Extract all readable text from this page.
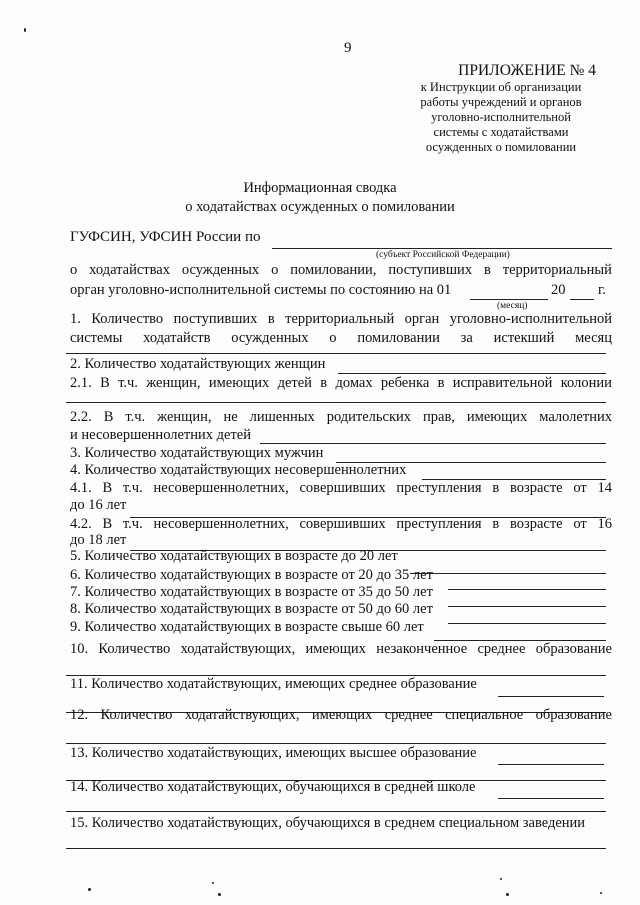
9
ПРИЛОЖЕНИЕ № 4
к Инструкции об организации
работы учреждений и органов
уголовно-исполнительной
системы с ходатайствами
осужденных о помиловании
Информационная сводка
о ходатайствах осужденных о помиловании
ГУФСИН, УФСИН России по
(субъект Российской Федерации)
о ходатайствах осужденных о помиловании, поступивших в территориальный
орган уголовно-исполнительной системы по состоянию на 01	20 г.
(месяц)
1. Количество поступивших в территориальный орган уголовно-исполнительной
системы ходатайств осужденных о помиловании за истекший месяц
2. Количество ходатайствующих женщин
2.1. В т.ч. женщин, имеющих детей в домах ребенка в исправительной колонии
2.2. В т.ч. женщин, не лишенных родительских прав, имеющих малолетних
и несовершеннолетних детей
3. Количество ходатайствующих мужчин
4. Количество ходатайствующих несовершеннолетних
4.1. В т.ч. несовершеннолетних, совершивших преступления в возрасте от 14
до 16 лет
4.2. В т.ч. несовершеннолетних, совершивших преступления в возрасте от 16
до 18 лет
5. Количество ходатайствующих в возрасте до 20 лет
6. Количество ходатайствующих в возрасте от 20 до 35 лет
7. Количество ходатайствующих в возрасте от 35 до 50 лет
8. Количество ходатайствующих в возрасте от 50 до 60 лет
9. Количество ходатайствующих в возрасте свыше 60 лет
10. Количество ходатайствующих, имеющих незаконченное среднее образование
11. Количество ходатайствующих, имеющих среднее образование
12. Количество ходатайствующих, имеющих среднее специальное образование
13. Количество ходатайствующих, имеющих высшее образование
14. Количество ходатайствующих, обучающихся в средней школе
15. Количество ходатайствующих, обучающихся в среднем специальном заведении
